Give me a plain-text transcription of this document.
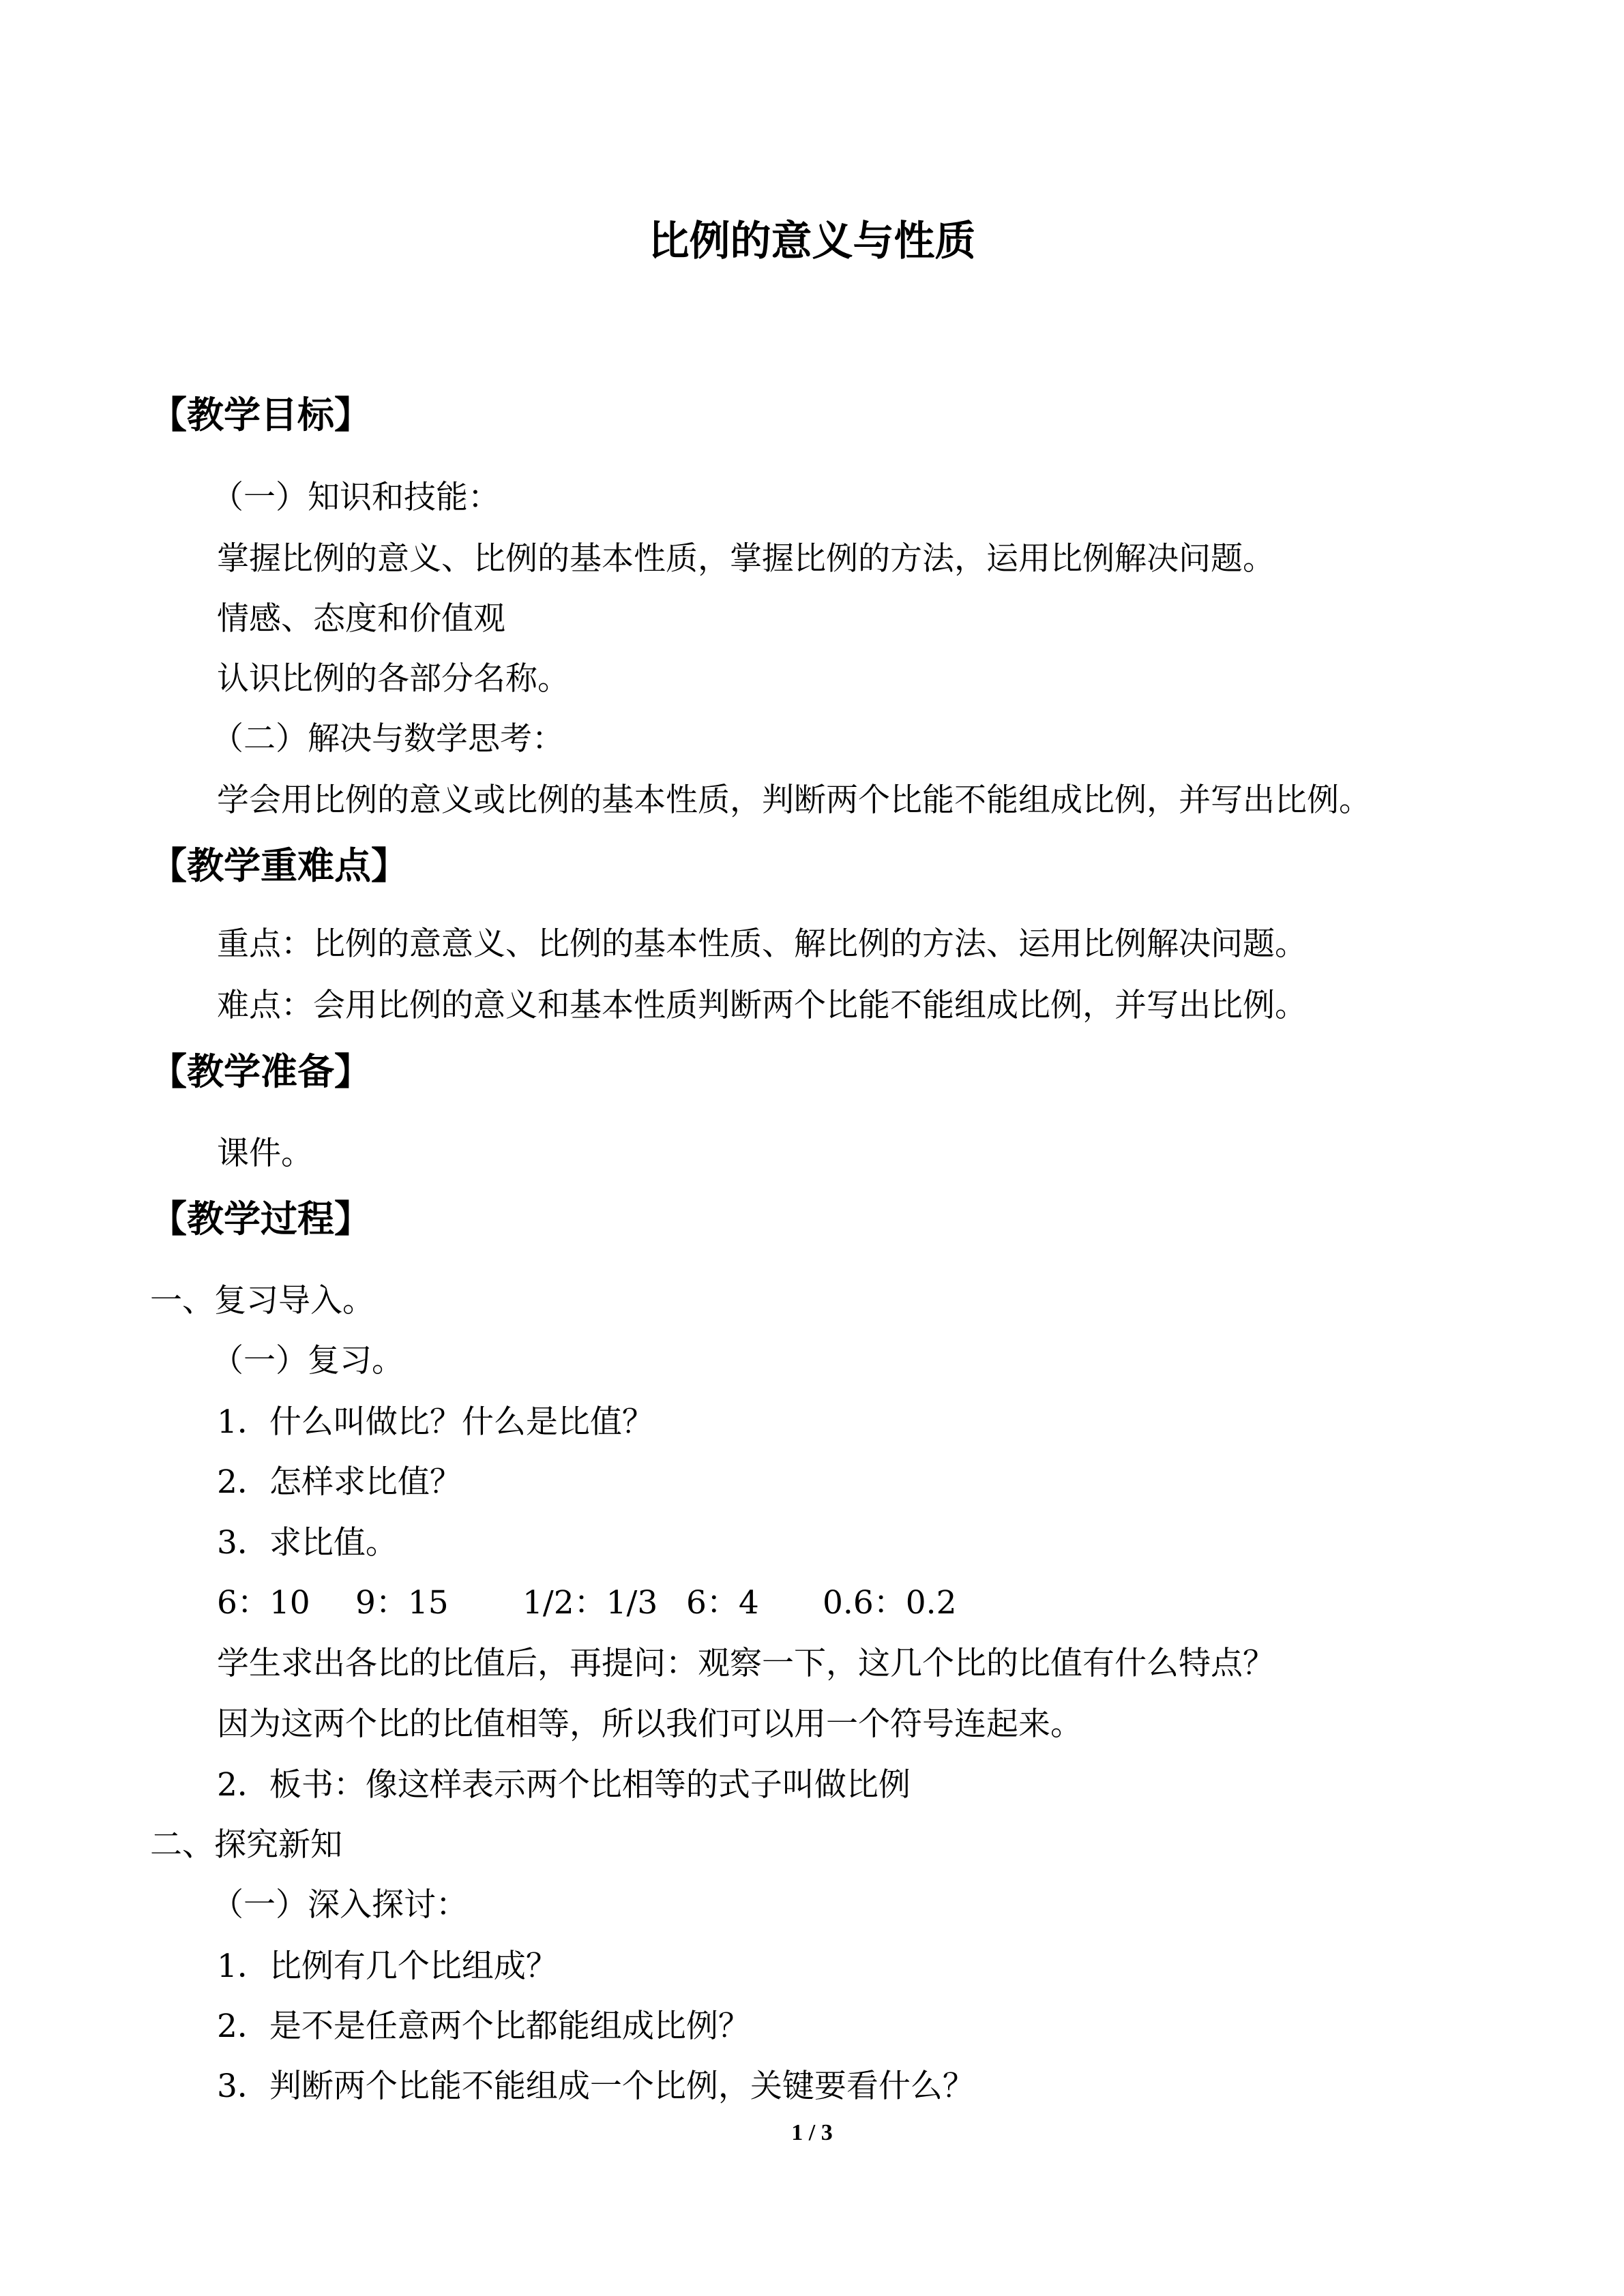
比例的意义与性质
【教学目标】
（一）知识和技能：
掌握比例的意义、比例的基本性质，掌握比例的方法，运用比例解决问题。
情感、态度和价值观
认识比例的各部分名称。
（二）解决与数学思考：
学会用比例的意义或比例的基本性质，判断两个比能不能组成比例，并写出比例。
【教学重难点】
重点：比例的意意义、比例的基本性质、解比例的方法、运用比例解决问题。
难点：会用比例的意义和基本性质判断两个比能不能组成比例，并写出比例。
【教学准备】
课件。
【教学过程】
一、复习导入。
（一）复习。
1．什么叫做比？什么是比值？
2．怎样求比值？
3．求比值。
6：10 9：15 1/2：1/3 6：4 0.6：0.2
学生求出各比的比值后，再提问：观察一下，这几个比的比值有什么特点？
因为这两个比的比值相等，所以我们可以用一个符号连起来。
2．板书：像这样表示两个比相等的式子叫做比例
二、探究新知
（一）深入探讨：
1．比例有几个比组成？
2．是不是任意两个比都能组成比例？
3．判断两个比能不能组成一个比例，关键要看什么？
1 / 3
